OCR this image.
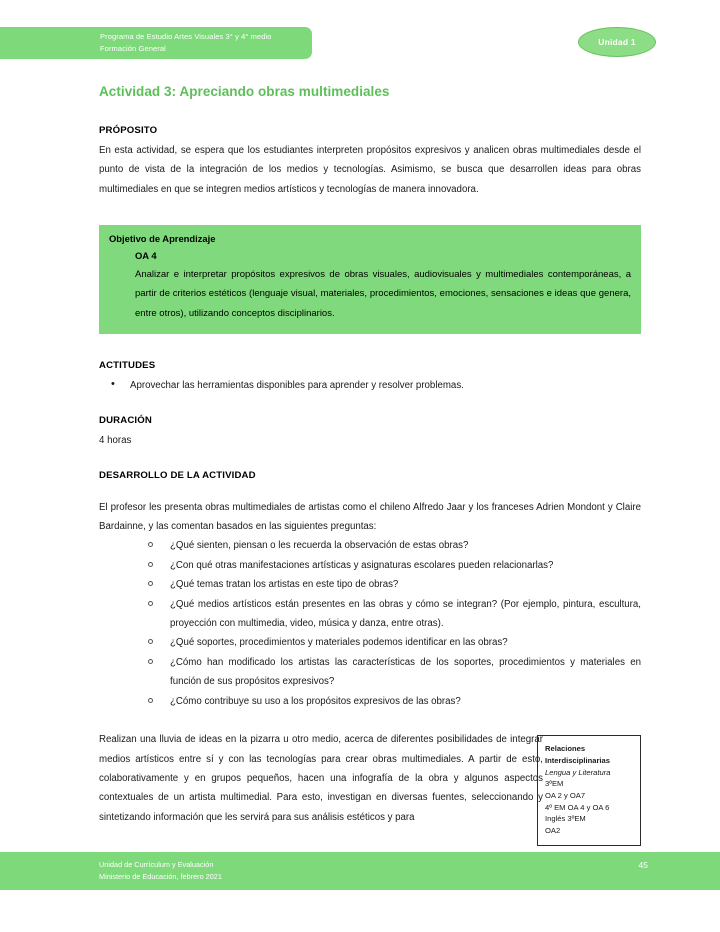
Programa de Estudio Artes Visuales 3° y 4° medio
Formación General
Unidad 1
Actividad 3: Apreciando obras multimediales
PRÓPOSITO

En esta actividad, se espera que los estudiantes interpreten propósitos expresivos y analicen obras multimediales desde el punto de vista de la integración de los medios y tecnologías. Asimismo, se busca que desarrollen ideas para obras multimediales en que se integren medios artísticos y tecnologías de manera innovadora.

Objetivo de Aprendizaje
OA 4
Analizar e interpretar propósitos expresivos de obras visuales, audiovisuales y multimediales contemporáneas, a partir de criterios estéticos (lenguaje visual, materiales, procedimientos, emociones, sensaciones e ideas que genera, entre otros), utilizando conceptos disciplinarios.
ACTITUDES
• Aprovechar las herramientas disponibles para aprender y resolver problemas.
DURACIÓN

4 horas

DESARROLLO DE LA ACTIVIDAD

El profesor les presenta obras multimediales de artistas como el chileno Alfredo Jaar y los franceses Adrien Mondont y Claire Bardainne, y las comentan basados en las siguientes preguntas:

¿Qué sienten, piensan o les recuerda la observación de estas obras?
¿Con qué otras manifestaciones artísticas y asignaturas escolares pueden relacionarlas?
¿Qué temas tratan los artistas en este tipo de obras?
¿Qué medios artísticos están presentes en las obras y cómo se integran? (Por ejemplo, pintura, escultura, proyección con multimedia, video, música y danza, entre otras).
¿Qué soportes, procedimientos y materiales podemos identificar en las obras?
¿Cómo han modificado los artistas las características de los soportes, procedimientos y materiales en función de sus propósitos expresivos?
¿Cómo contribuye su uso a los propósitos expresivos de las obras?

Realizan una lluvia de ideas en la pizarra u otro medio, acerca de diferentes posibilidades de integrar medios artísticos entre sí y con las tecnologías para crear obras multimediales. A partir de esto, colaborativamente y en grupos pequeños, hacen una infografía de la obra y algunos aspectos contextuales de un artista multimedial. Para esto, investigan en diversas fuentes, seleccionando y sintetizando información que les servirá para sus análisis estéticos y para

Relaciones
Interdisciplinarias
Lengua y Literatura
3ºEM
OA 2 y OA7
4º EM OA 4 y OA 6
Inglés 3ºEM
OA2
Unidad de Currículum y Evaluación
Ministerio de Educación, febrero 2021
45
